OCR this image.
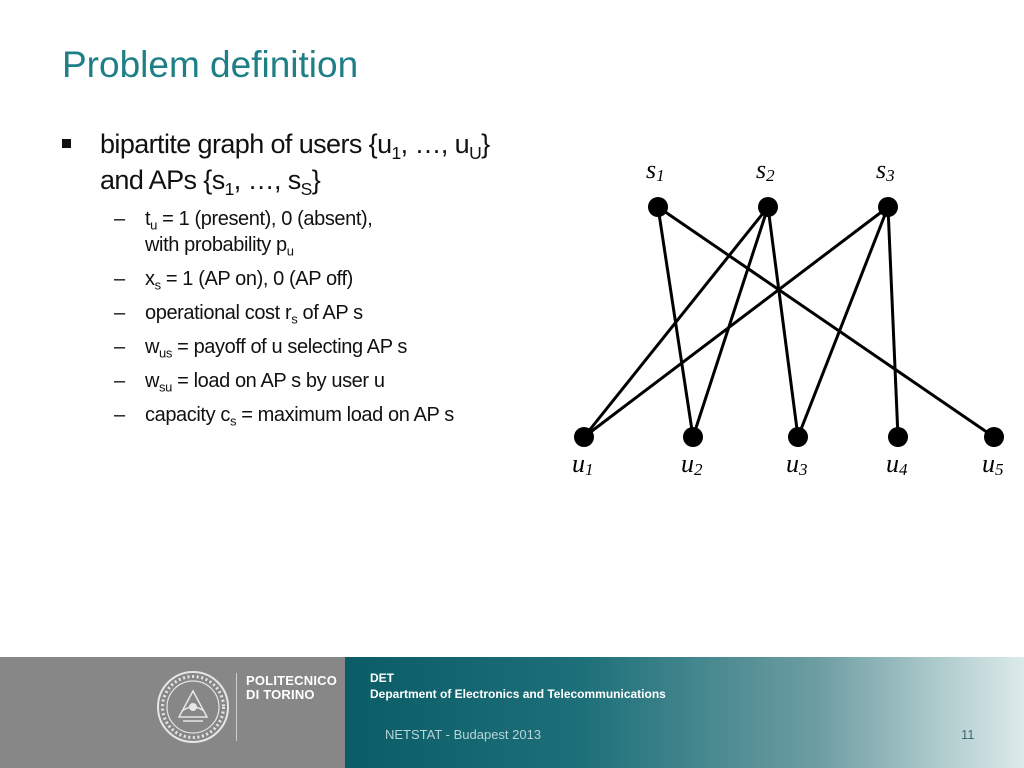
Problem definition
bipartite graph of users {$u_1$, …, $u_U$}
and APs {$s_1$, …, $s_S$}
– $t_u = 1$ (present), 0 (absent),
with probability $p_u$
– $x_s = 1$ (AP on), 0 (AP off)
– operational cost $r_s$ of AP s
– $w_{us}$ = payoff of u selecting AP s
– $w_{su}$ = load on AP s by user u
– capacity $c_s$ = maximum load on AP s
s1	s2	s3
u1	u2	u3	u4	u5
POLITECNICO
DI TORINO
DET
Department of Electronics and Telecommunications
NETSTAT - Budapest 2013	11
